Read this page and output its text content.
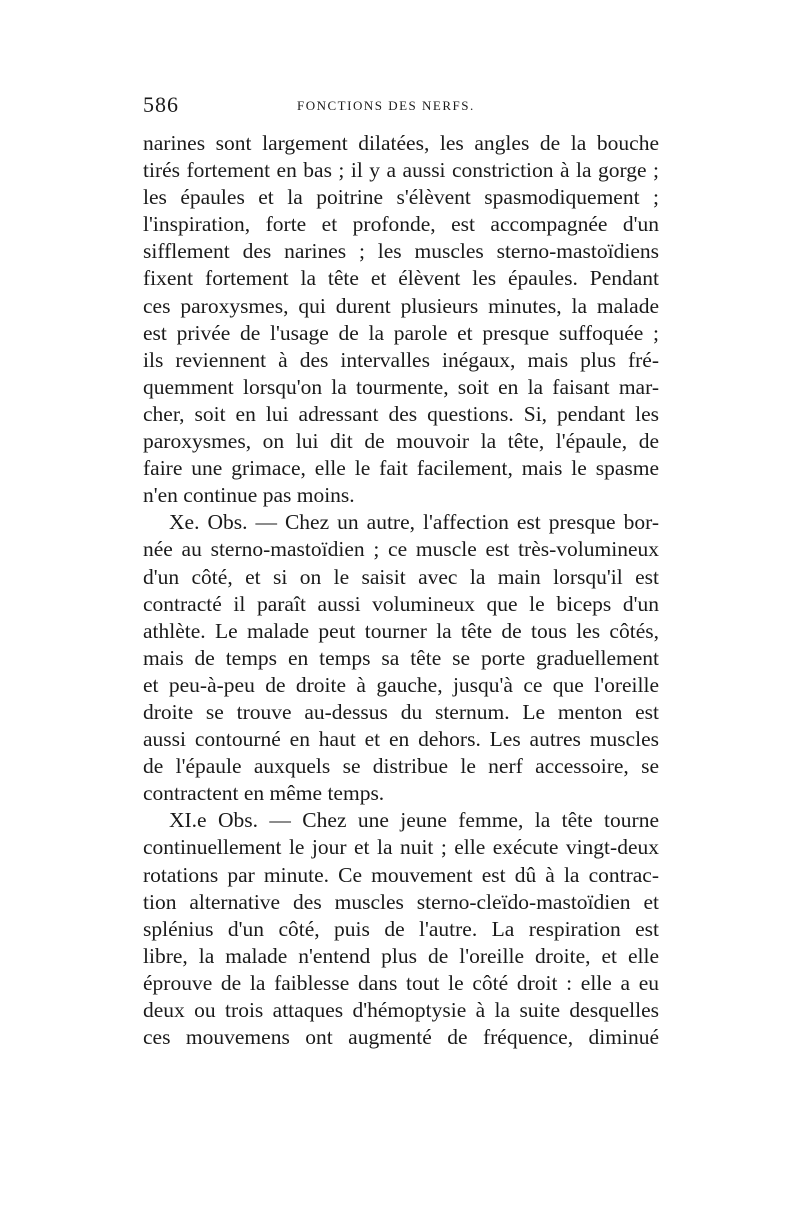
586	FONCTIONS DES NERFS.
narines sont largement dilatées, les angles de la bouche
tirés fortement en bas ; il y a aussi constriction à la gorge ;
les épaules et la poitrine s'élèvent spasmodiquement ;
l'inspiration, forte et profonde, est accompagnée d'un
sifflement des narines ; les muscles sterno-mastoïdiens
fixent fortement la tête et élèvent les épaules. Pendant
ces paroxysmes, qui durent plusieurs minutes, la malade
est privée de l'usage de la parole et presque suffoquée ;
ils reviennent à des intervalles inégaux, mais plus fré-
quemment lorsqu'on la tourmente, soit en la faisant mar-
cher, soit en lui adressant des questions. Si, pendant les
paroxysmes, on lui dit de mouvoir la tête, l'épaule, de
faire une grimace, elle le fait facilement, mais le spasme
n'en continue pas moins.
Xe. Obs. — Chez un autre, l'affection est presque bor-
née au sterno-mastoïdien ; ce muscle est très-volumineux
d'un côté, et si on le saisit avec la main lorsqu'il est
contracté il paraît aussi volumineux que le biceps d'un
athlète. Le malade peut tourner la tête de tous les côtés,
mais de temps en temps sa tête se porte graduellement
et peu-à-peu de droite à gauche, jusqu'à ce que l'oreille
droite se trouve au-dessus du sternum. Le menton est
aussi contourné en haut et en dehors. Les autres muscles
de l'épaule auxquels se distribue le nerf accessoire, se
contractent en même temps.
XI.e Obs. — Chez une jeune femme, la tête tourne
continuellement le jour et la nuit ; elle exécute vingt-deux
rotations par minute. Ce mouvement est dû à la contrac-
tion alternative des muscles sterno-cleïdo-mastoïdien et
splénius d'un côté, puis de l'autre. La respiration est
libre, la malade n'entend plus de l'oreille droite, et elle
éprouve de la faiblesse dans tout le côté droit : elle a eu
deux ou trois attaques d'hémoptysie à la suite desquelles
ces mouvemens ont augmenté de fréquence, diminué
